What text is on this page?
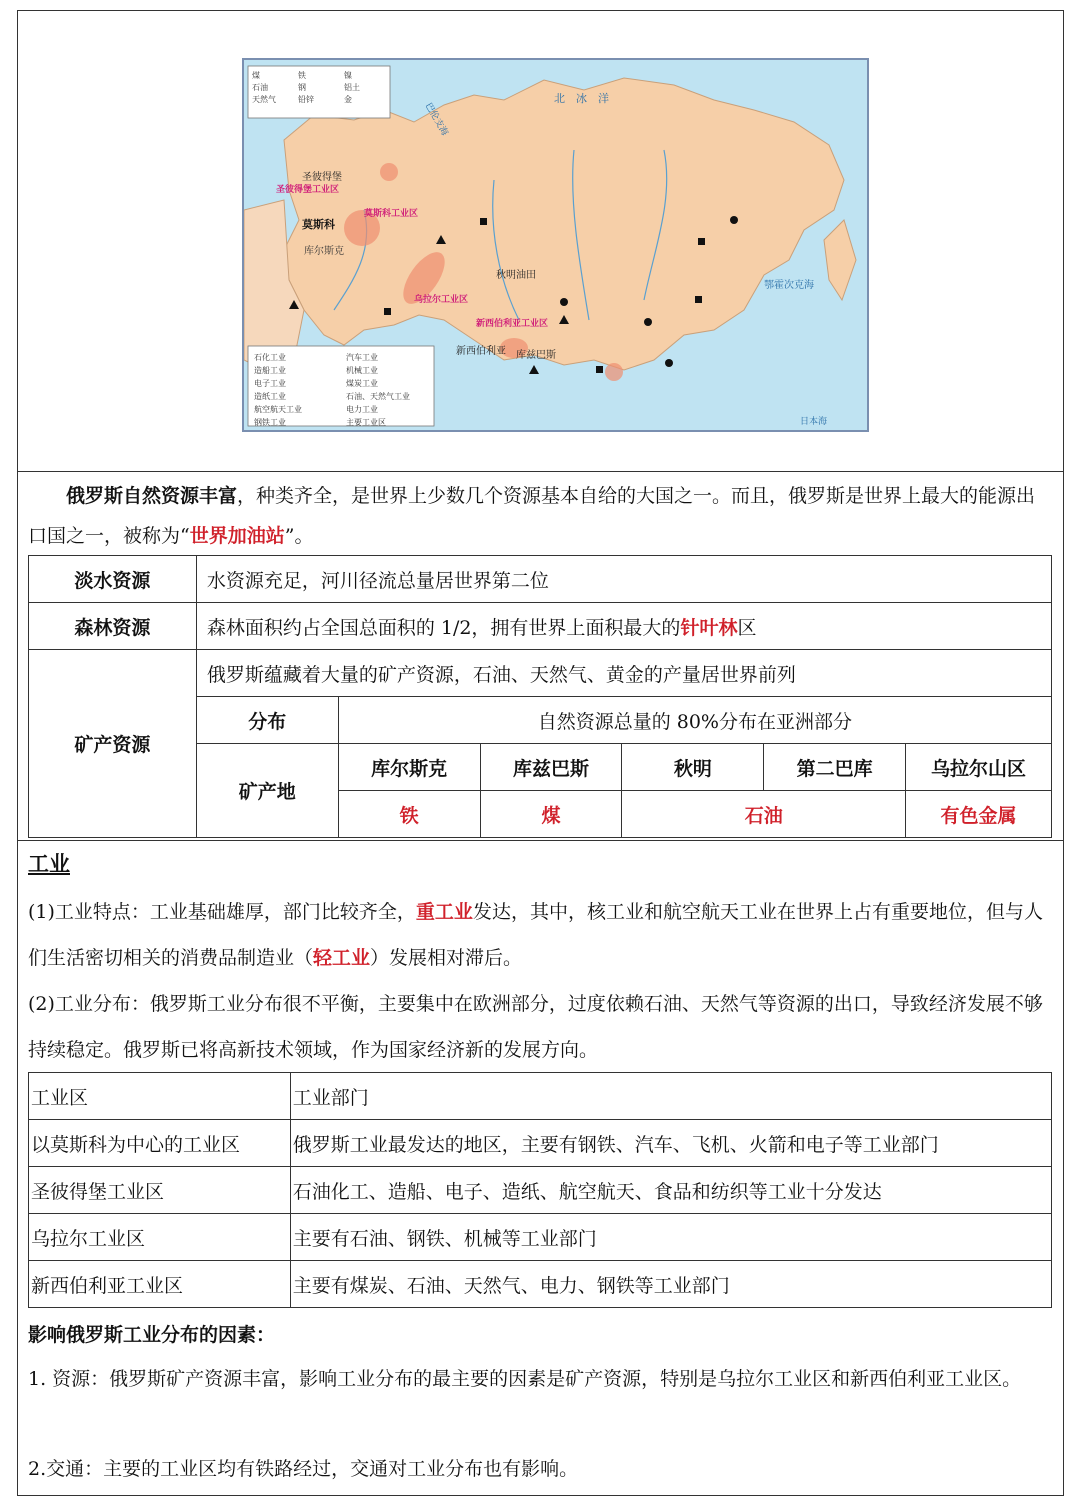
煤	铁	镍
石油	钢	铝土
天然气	铅锌	金
石化工业	汽车工业
造船工业	机械工业
电子工业	煤炭工业
造纸工业	石油、天然气工业
航空航天工业	电力工业
钢铁工业	主要工业区
圣彼得堡
圣彼得堡工业区
莫斯科
莫斯科工业区
库尔斯克
乌拉尔工业区
秋明油田
新西伯利亚工业区
新西伯利亚 库兹巴斯
北　冰　洋
巴伦支海
鄂霍次克海
日本海

俄罗斯自然资源丰富，种类齐全，是世界上少数几个资源基本自给的大国之一。而且，俄罗斯是世界上最大的能源出口国之一，被称为“世界加油站”。

淡水资源	水资源充足，河川径流总量居世界第二位					
森林资源	森林面积约占全国总面积的 1/2，拥有世界上面积最大的针叶林区					
矿产资源	俄罗斯蕴藏着大量的矿产资源，石油、天然气、黄金的产量居世界前列					
	分布	自然资源总量的 80%分布在亚洲部分				
	矿产地	库尔斯克	库兹巴斯	秋明	第二巴库	乌拉尔山区
		铁	煤	石油		有色金属

工业

(1)工业特点：工业基础雄厚，部门比较齐全，重工业发达，其中，核工业和航空航天工业在世界上占有重要地位，但与人们生活密切相关的消费品制造业（轻工业）发展相对滞后。

(2)工业分布：俄罗斯工业分布很不平衡，主要集中在欧洲部分，过度依赖石油、天然气等资源的出口，导致经济发展不够持续稳定。俄罗斯已将高新技术领域，作为国家经济新的发展方向。

工业区	工业部门
以莫斯科为中心的工业区	俄罗斯工业最发达的地区，主要有钢铁、汽车、飞机、火箭和电子等工业部门
圣彼得堡工业区	石油化工、造船、电子、造纸、航空航天、食品和纺织等工业十分发达
乌拉尔工业区	主要有石油、钢铁、机械等工业部门
新西伯利亚工业区	主要有煤炭、石油、天然气、电力、钢铁等工业部门

影响俄罗斯工业分布的因素：

1. 资源：俄罗斯矿产资源丰富，影响工业分布的最主要的因素是矿产资源，特别是乌拉尔工业区和新西伯利亚工业区。

2.交通：主要的工业区均有铁路经过，交通对工业分布也有影响。
